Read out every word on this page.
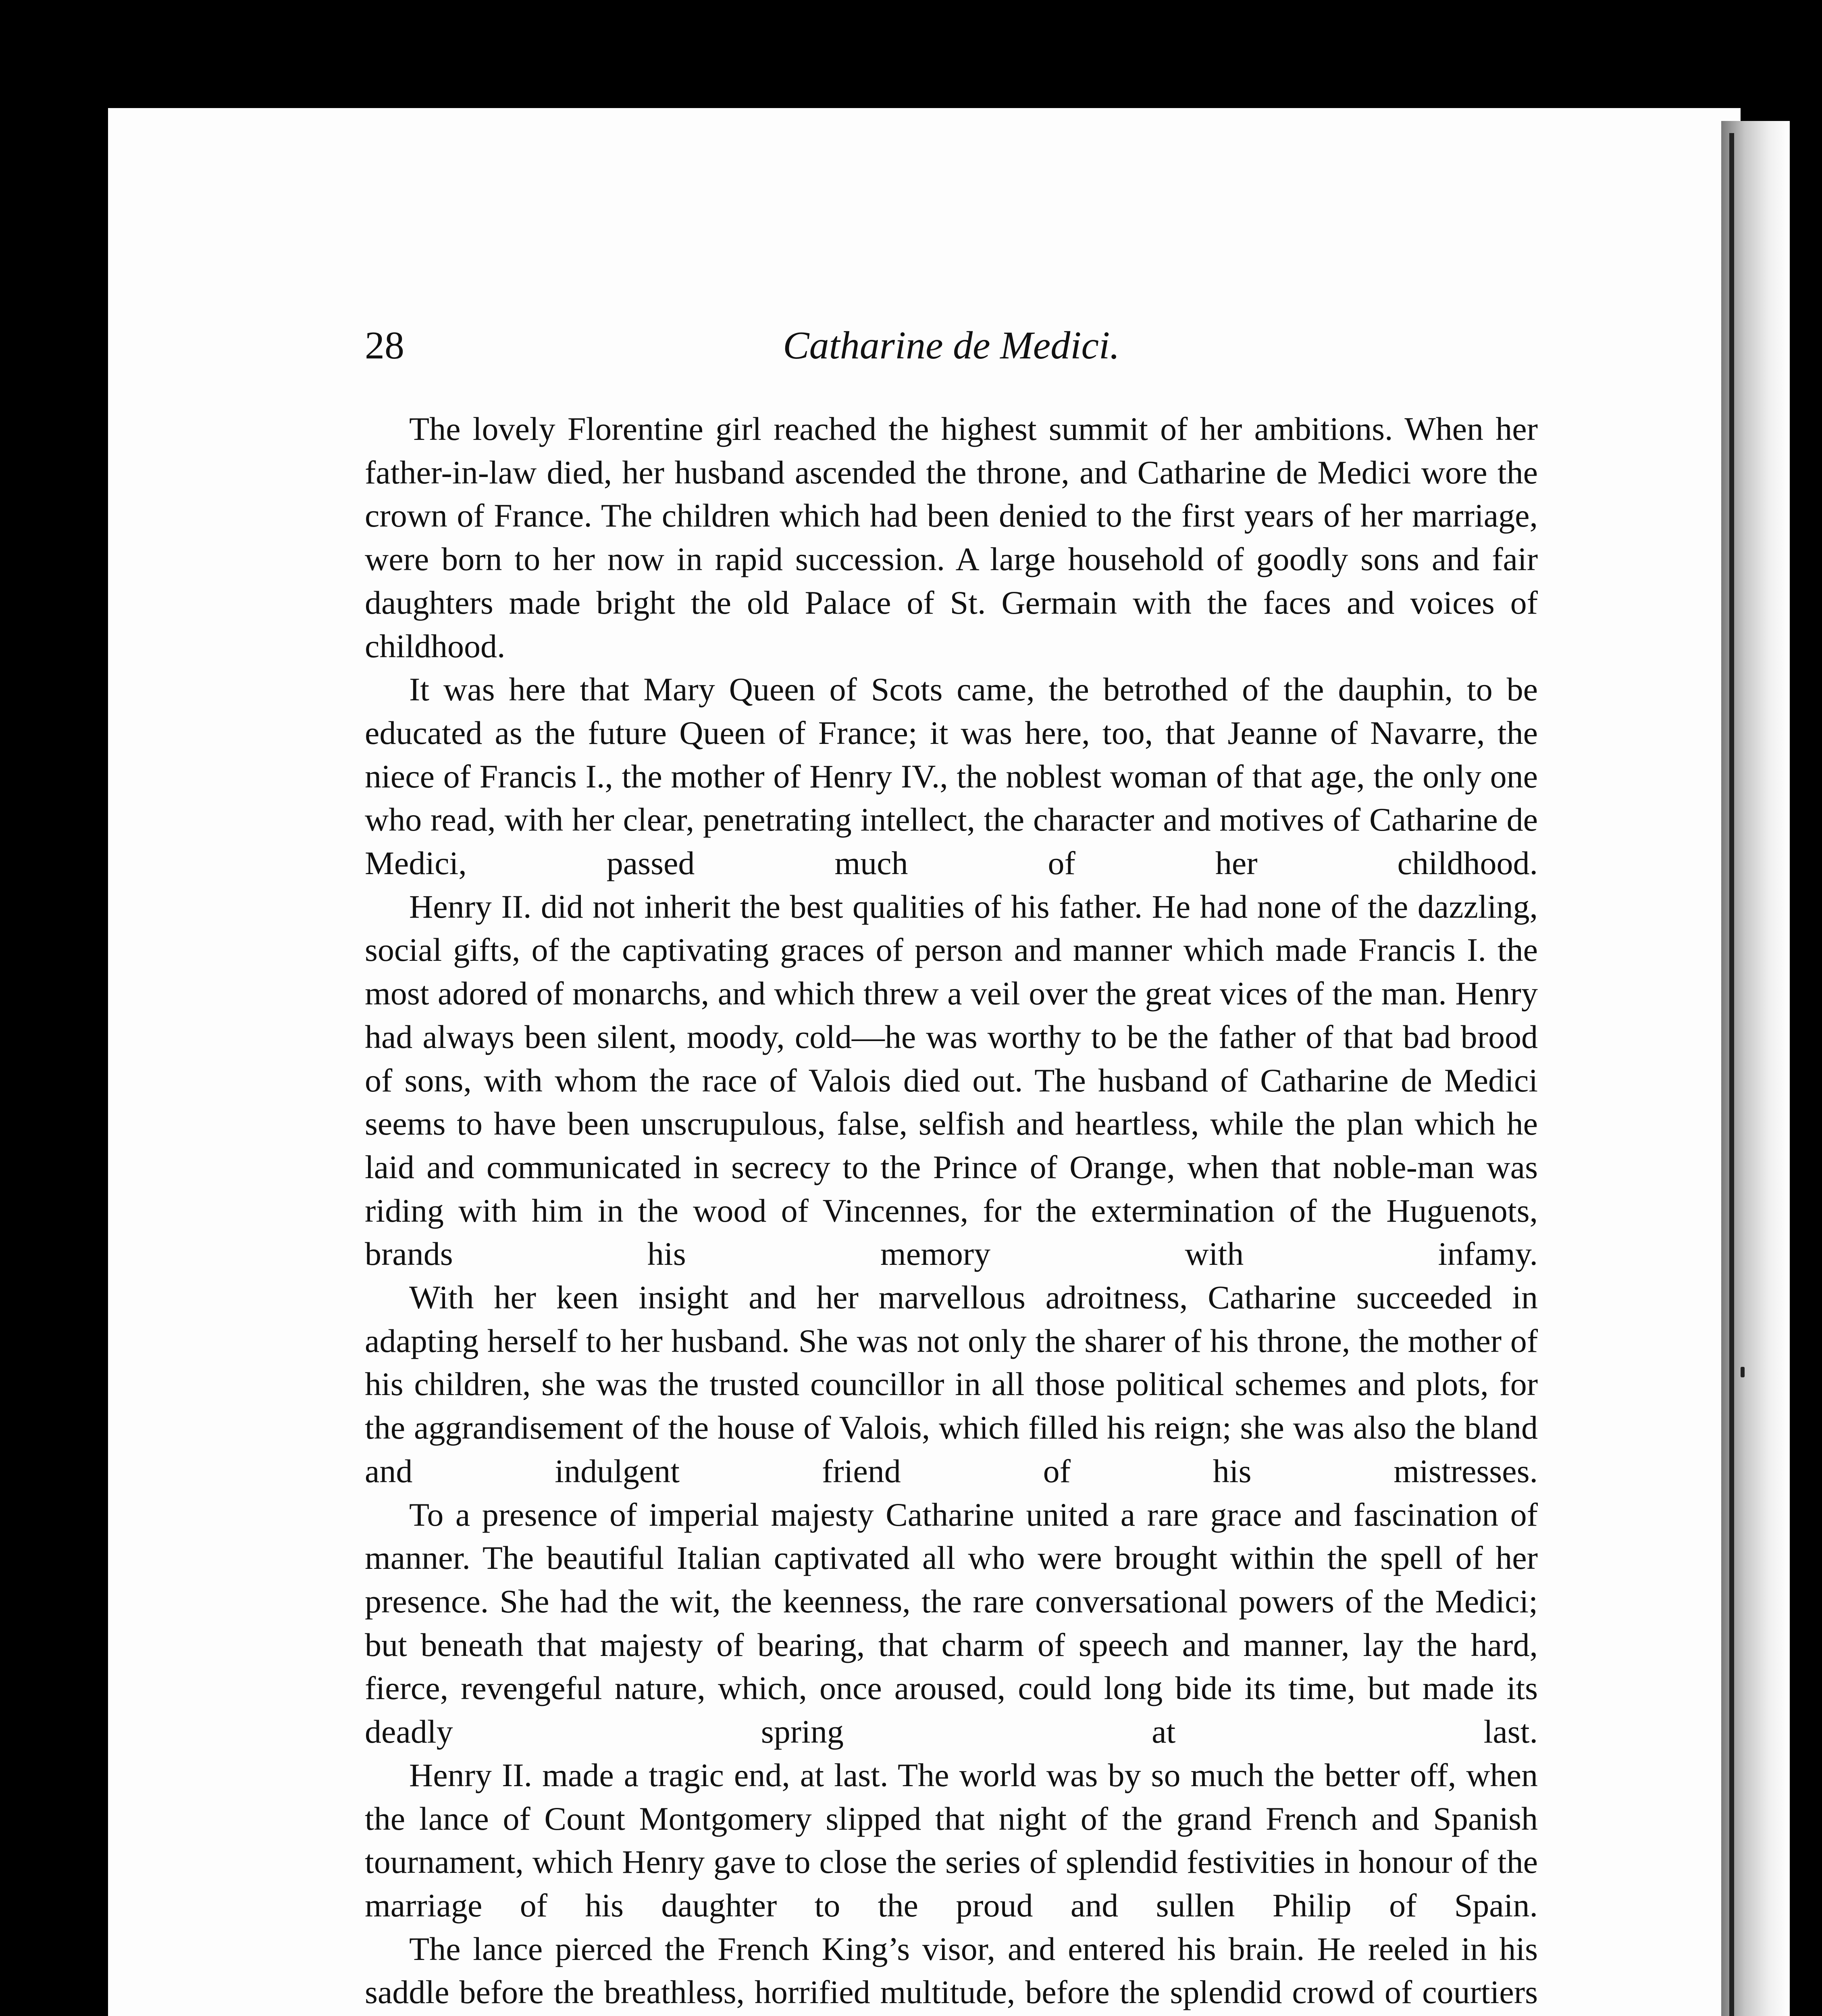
28	Catharine de Medici.

The lovely Florentine girl reached the highest summit of her ambitions. When her father-in-law died, her husband ascended the throne, and Catharine de Medici wore the crown of France. The children which had been denied to the first years of her marriage, were born to her now in rapid succession. A large household of goodly sons and fair daughters made bright the old Palace of St. Germain with the faces and voices of childhood.

It was here that Mary Queen of Scots came, the betrothed of the dauphin, to be educated as the future Queen of France; it was here, too, that Jeanne of Navarre, the niece of Francis I., the mother of Henry IV., the noblest woman of that age, the only one who read, with her clear, penetrating intellect, the character and motives of Catharine de Medici, passed much of her childhood.

Henry II. did not inherit the best qualities of his father. He had none of the dazzling, social gifts, of the captivating graces of person and manner which made Francis I. the most adored of monarchs, and which threw a veil over the great vices of the man. Henry had always been silent, moody, cold—he was worthy to be the father of that bad brood of sons, with whom the race of Valois died out. The husband of Catharine de Medici seems to have been unscrupulous, false, selfish and heartless, while the plan which he laid and communicated in secrecy to the Prince of Orange, when that noble-man was riding with him in the wood of Vincennes, for the extermination of the Huguenots, brands his memory with infamy.

With her keen insight and her marvellous adroitness, Catharine succeeded in adapting herself to her husband. She was not only the sharer of his throne, the mother of his children, she was the trusted councillor in all those political schemes and plots, for the aggrandisement of the house of Valois, which filled his reign; she was also the bland and indulgent friend of his mistresses.

To a presence of imperial majesty Catharine united a rare grace and fascination of manner. The beautiful Italian captivated all who were brought within the spell of her presence. She had the wit, the keenness, the rare conversational powers of the Medici; but beneath that majesty of bearing, that charm of speech and manner, lay the hard, fierce, revengeful nature, which, once aroused, could long bide its time, but made its deadly spring at last.

Henry II. made a tragic end, at last. The world was by so much the better off, when the lance of Count Montgomery slipped that night of the grand French and Spanish tournament, which Henry gave to close the series of splendid festivities in honour of the marriage of his daughter to the proud and sullen Philip of Spain.

The lance pierced the French King’s visor, and entered his brain. He reeled in his saddle before the breathless, horrified multitude, before the splendid crowd of courtiers
